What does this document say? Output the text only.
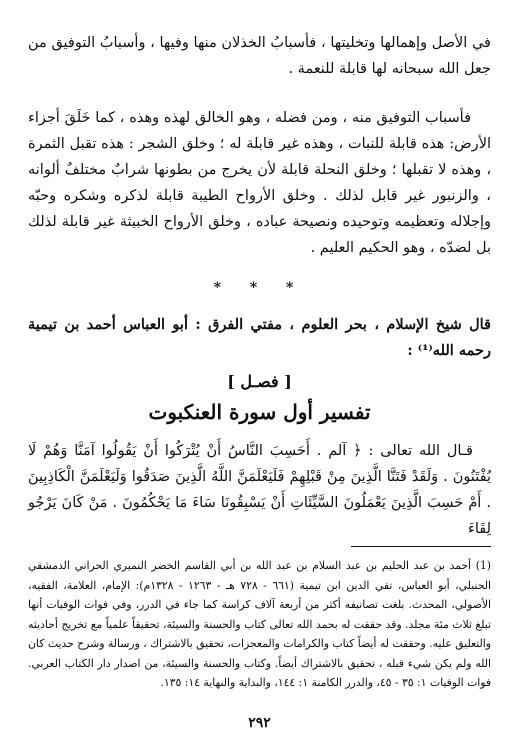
في الأصل وإهمالها وتخليتها ، فأسبابُ الخذلان منها وفيها ، وأسبابُ التوفيق من جعل الله سبحانه لها قابلة للنعمة .
فأسباب التوفيق منه ، ومن فضله ، وهو الخالق لهذه وهذه ، كما خَلَقَ أجزاء الأرض: هذه قابلة للنبات ، وهذه غير قابلة له ؛ وخلق الشجر : هذه تقبل الثمرة ، وهذه لا تقبلها ؛ وخلق النحلة قابلة لأن يخرج من بطونها شرابٌ مختلفٌ ألوانه ، والزنبور غير قابل لذلك . وخلق الأرواح الطيبة قابلة لذكره وشكره وحبّه وإجلاله وتعظيمه وتوحيده ونصيحة عباده ، وخلق الأرواح الخبيثة غير قابلة لذلك بل لضدّه ، وهو الحكيم العليم .
* * *
قال شيخ الإسلام ، بحر العلوم ، مفتي الفرق : أبو العباس أحمد بن تيمية رحمه الله⁽¹⁾ :
[ فصـل ]
تفسير أول سورة العنكبوت
قـال الله تعالى : ﴿ آلم . أَحَسِبَ النَّاسُ أَنْ يُتْرَكُوا أَنْ يَقُولُوا آمَنَّا وَهُمْ لَا يُفْتَنُونَ . وَلَقَدْ فَتَنَّا الَّذِينَ مِنْ قَبْلِهِمْ فَلَيَعْلَمَنَّ اللَّهُ الَّذِينَ صَدَقُوا وَلَيَعْلَمَنَّ الْكَاذِبِينَ . أَمْ حَسِبَ الَّذِينَ يَعْمَلُونَ السَّيِّئَاتِ أَنْ يَسْبِقُونَا سَاءَ مَا يَحْكُمُونَ . مَنْ كَانَ يَرْجُو لِقَاءَ
(1) أحمد بن عبد الحليم بن عبد السلام بن عبد الله بن أبي القاسم الخضر النميري الحراني الدمشقي الحنبلي، أبو العباس، تقي الدين ابن تيمية (٦٦١ - ٧٢٨ هـ - ١٢٦٣ - ١٣٢٨م): الإمام، العلامة، الفقيه، الأصولي، المحدث. بلغت تصانيفه أكثر من أربعة آلاف كراسة كما جاء في الدرر، وفي فوات الوفيات أنها تبلغ ثلاث مئة مجلد. وقد حققت له بحمد الله تعالى كتاب والحسنة والسيئة، تحقيقاً علمياً مع تخريج أحاديثه والتعليق عليه. وحققت له أيضاً كتاب والكرامات والمعجزات، تحقيق بالاشتراك ، ورسالة وشرح حديث كان الله ولم يكن شيء قبله ، تحقيق بالاشتراك أيضاً. وكتاب والحسنة والسيئة، من اصدار دار الكتاب العربي. فوات الوفيات ١: ٣٥ - ٤٥، والدرر الكامنة ١: ١٤٤، والبداية والنهاية ١٤: ١٣٥.
٢٩٢
